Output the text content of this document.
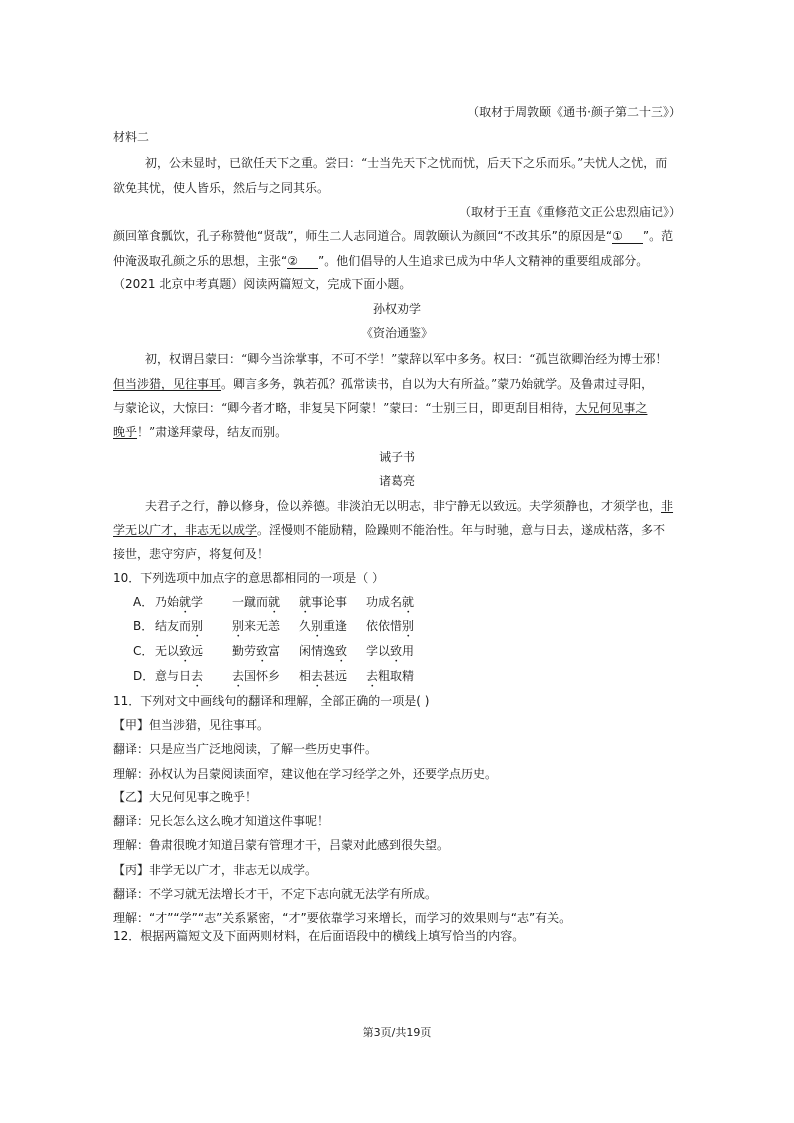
（取材于周敦颐《通书·颜子第二十三》）
材料二
初，公未显时，已欲任天下之重。尝曰：“士当先天下之忧而忧，后天下之乐而乐。”夫忧人之忧，而
欲免其忧，使人皆乐，然后与之同其乐。
（取材于王直《重修范文正公忠烈庙记》）
颜回箪食瓢饮，孔子称赞他“贤哉”，师生二人志同道合。周敦颐认为颜回“不改其乐”的原因是“① ”。范
仲淹汲取孔颜之乐的思想，主张“② ”。他们倡导的人生追求已成为中华人文精神的重要组成部分。
（2021 北京中考真题）阅读两篇短文，完成下面小题。
孙权劝学
《资治通鉴》
初，权谓吕蒙曰：“卿今当涂掌事，不可不学！”蒙辞以军中多务。权曰：“孤岂欲卿治经为博士邪！
但当涉猎，见往事耳。卿言多务，孰若孤？孤常读书，自以为大有所益。”蒙乃始就学。及鲁肃过寻阳，
与蒙论议，大惊曰：“卿今者才略，非复吴下阿蒙！”蒙曰：“士别三日，即更刮目相待，大兄何见事之
晚乎！”肃遂拜蒙母，结友而别。
诫子书
诸葛亮
夫君子之行，静以修身，俭以养德。非淡泊无以明志，非宁静无以致远。夫学须静也，才须学也，非
学无以广才，非志无以成学。淫慢则不能励精，险躁则不能治性。年与时驰，意与日去，遂成枯落，多不
接世，悲守穷庐，将复何及！
10．下列选项中加点字的意思都相同的一项是（ ）
A． 乃始就学 一蹴而就 就事论事 功成名就
B． 结友而别 别来无恙 久别重逢 依依惜别
C． 无以致远 勤劳致富 闲情逸致 学以致用
D． 意与日去 去国怀乡 相去甚远 去粗取精
11．下列对文中画线句的翻译和理解，全部正确的一项是( )
【甲】但当涉猎，见往事耳。
翻译：只是应当广泛地阅读，了解一些历史事件。
理解：孙权认为吕蒙阅读面窄，建议他在学习经学之外，还要学点历史。
【乙】大兄何见事之晚乎！
翻译：兄长怎么这么晚才知道这件事呢！
理解：鲁肃很晚才知道吕蒙有管理才干，吕蒙对此感到很失望。
【丙】非学无以广才，非志无以成学。
翻译：不学习就无法增长才干，不定下志向就无法学有所成。
理解：“才”“学”“志”关系紧密，“才”要依靠学习来增长，而学习的效果则与“志”有关。
12．根据两篇短文及下面两则材料，在后面语段中的横线上填写恰当的内容。
第3页/共19页
